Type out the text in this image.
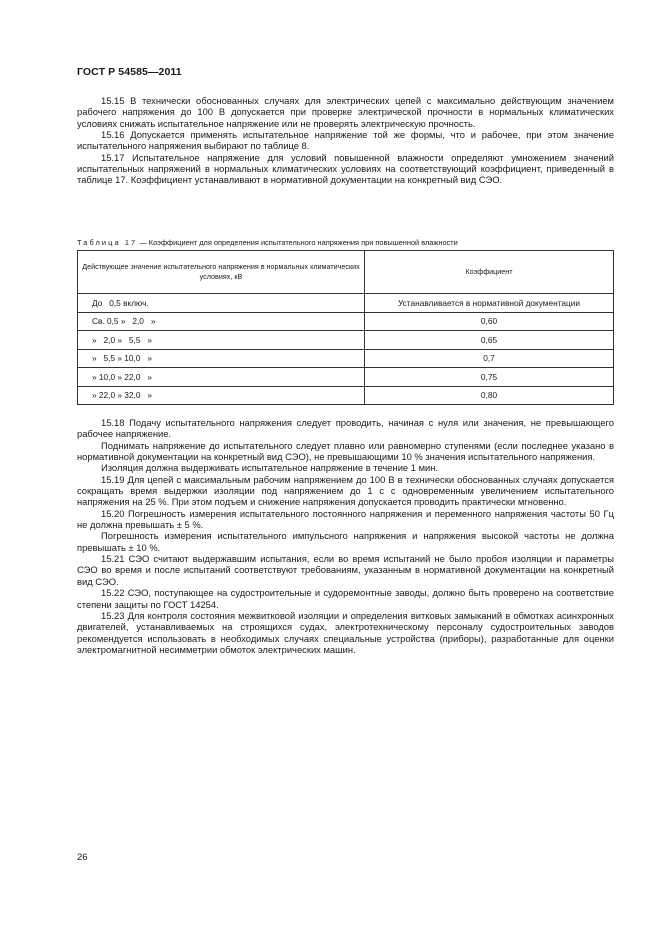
ГОСТ Р 54585—2011

15.15 В технически обоснованных случаях для электрических цепей с максимально действующим значением рабочего напряжения до 100 В допускается при проверке электрической прочности в нормальных климатических условиях снижать испытательное напряжение или не проверять электрическую прочность.

15.16 Допускается применять испытательное напряжение той же формы, что и рабочее, при этом значение испытательного напряжения выбирают по таблице 8.

15.17 Испытательное напряжение для условий повышенной влажности определяют умножением значений испытательных напряжений в нормальных климатических условиях на соответствующий коэффициент, приведенный в таблице 17. Коэффициент устанавливают в нормативной документации на конкретный вид СЭО.

Таблица 17 — Коэффициент для определения испытательного напряжения при повышенной влажности
Действующее значение испытательного напряжения в нормальных климатических условиях, кВ	Коэффициент
До   0,5 включ.	Устанавливается в нормативной документации
Св. 0,5 »   2,0   »	0,60
»   2,0 »   5,5   »	0,65
»   5,5 » 10,0   »	0,7
» 10,0 » 22,0   »	0,75
» 22,0 » 32,0   »	0,80

15.18 Подачу испытательного напряжения следует проводить, начиная с нуля или значения, не превышающего рабочее напряжение.

Поднимать напряжение до испытательного следует плавно или равномерно ступенями (если последнее указано в нормативной документации на конкретный вид СЭО), не превышающими 10 % значения испытательного напряжения.

Изоляция должна выдерживать испытательное напряжение в течение 1 мин.

15.19 Для цепей с максимальным рабочим напряжением до 100 В в технически обоснованных случаях допускается сокращать время выдержки изоляции под напряжением до 1 с с одновременным увеличением испытательного напряжения на 25 %. При этом подъем и снижение напряжения допускается проводить практически мгновенно.

15.20 Погрешность измерения испытательного постоянного напряжения и переменного напряжения частоты 50 Гц не должна превышать ± 5 %.

Погрешность измерения испытательного импульсного напряжения и напряжения высокой частоты не должна превышать ± 10 %.

15.21 СЭО считают выдержавшим испытания, если во время испытаний не было пробоя изоляции и параметры СЭО во время и после испытаний соответствуют требованиям, указанным в нормативной документации на конкретный вид СЭО.

15.22 СЭО, поступающее на судостроительные и судоремонтные заводы, должно быть проверено на соответствие степени защиты по ГОСТ 14254.

15.23 Для контроля состояния межвитковой изоляции и определения витковых замыканий в обмотках асинхронных двигателей, устанавливаемых на строящихся судах, электротехническому персоналу судостроительных заводов рекомендуется использовать в необходимых случаях специальные устройства (приборы), разработанные для оценки электромагнитной несимметрии обмоток электрических машин.

26
